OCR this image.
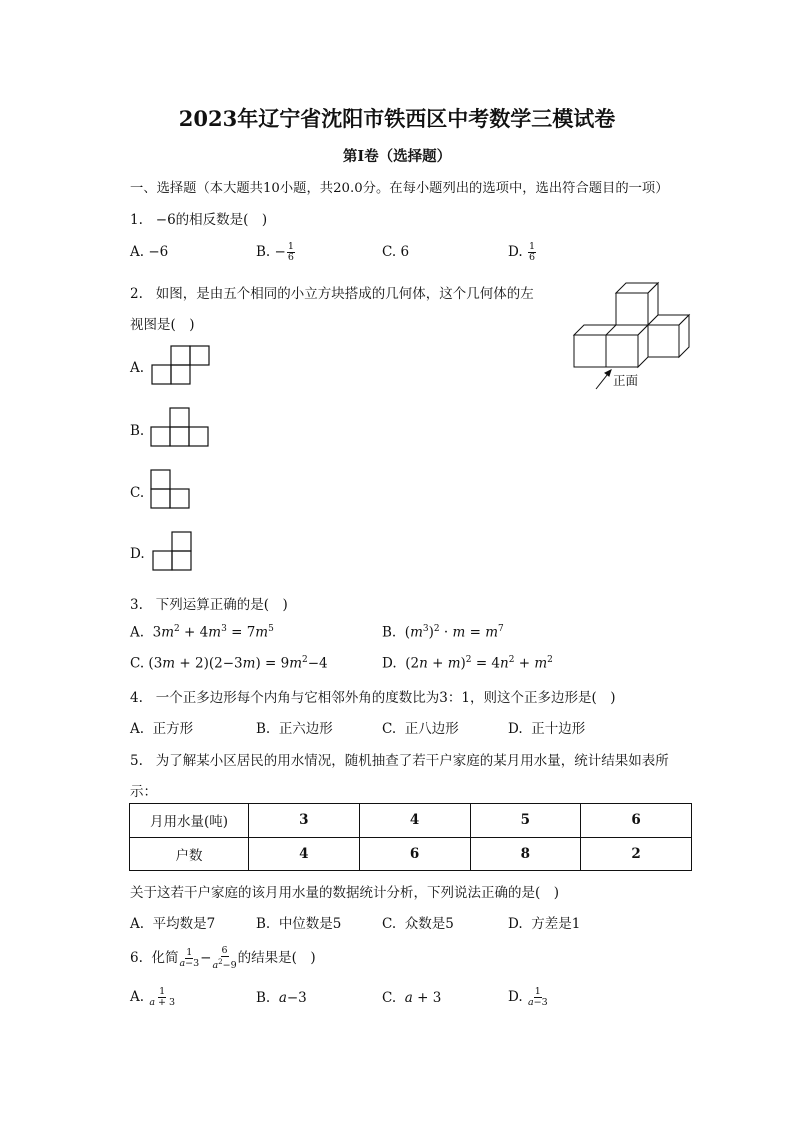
2023年辽宁省沈阳市铁西区中考数学三模试卷
第I卷（选择题）
一、选择题（本大题共10小题，共20.0分。在每小题列出的选项中，选出符合题目的一项）
1. −6的相反数是(　)
A. −6	B. − $\frac{1}{6}$	C. 6	D. $\frac{1}{6}$
2. 如图，是由五个相同的小立方块搭成的几何体，这个几何体的左
视图是(　)
正面
A.
B.
C.
D.
3. 下列运算正确的是(　)
A.  $3m^2 + 4m^3 = 7m^5$	B.  $(m^3)^2 \cdot m = m^7$
C. $(3m + 2)(2-3m) = 9m^2-4$	D.  $(2n + m)^2 = 4n^2 + m^2$
4. 一个正多边形每个内角与它相邻外角的度数比为3：1，则这个正多边形是(　)
A. 正方形	B. 正六边形	C. 正八边形	D. 正十边形
5. 为了解某小区居民的用水情况，随机抽查了若干户家庭的某月用水量，统计结果如表所
示：
月用水量(吨)	3	4	5	6
户数	4	6	8	2
关于这若干户家庭的该月用水量的数据统计分析，下列说法正确的是(　)
A. 平均数是7	B. 中位数是5	C. 众数是5	D. 方差是1
6. 化简 $\frac{1}{a-3} - \frac{6}{a^2-9}$ 的结果是(　)
A. $\frac{1}{a + 3}$	B. a−3	C. a + 3	D. $\frac{1}{a-3}$
